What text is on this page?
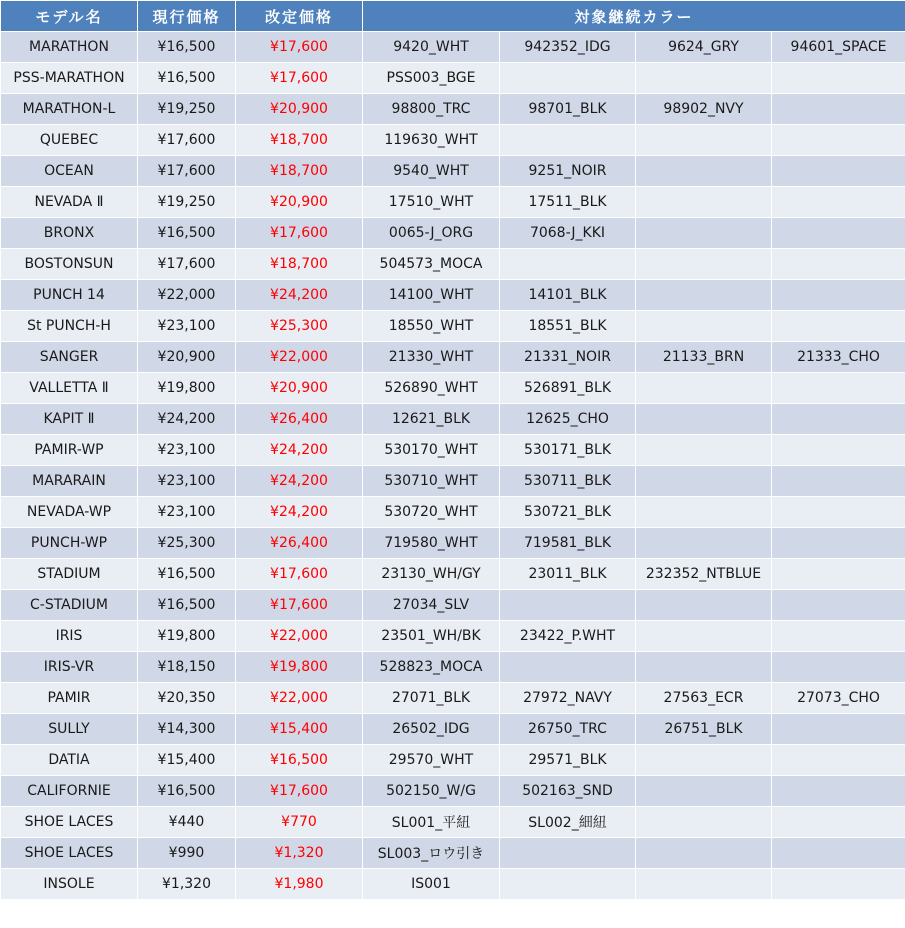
モデル名	現行価格	改定価格	対象継続カラー			
MARATHON	¥16,500	¥17,600	9420_WHT	942352_IDG	9624_GRY	94601_SPACE
PSS-MARATHON	¥16,500	¥17,600	PSS003_BGE			
MARATHON-L	¥19,250	¥20,900	98800_TRC	98701_BLK	98902_NVY	
QUEBEC	¥17,600	¥18,700	119630_WHT			
OCEAN	¥17,600	¥18,700	9540_WHT	9251_NOIR		
NEVADA Ⅱ	¥19,250	¥20,900	17510_WHT	17511_BLK		
BRONX	¥16,500	¥17,600	0065-J_ORG	7068-J_KKI		
BOSTONSUN	¥17,600	¥18,700	504573_MOCA			
PUNCH 14	¥22,000	¥24,200	14100_WHT	14101_BLK		
St PUNCH-H	¥23,100	¥25,300	18550_WHT	18551_BLK		
SANGER	¥20,900	¥22,000	21330_WHT	21331_NOIR	21133_BRN	21333_CHO
VALLETTA Ⅱ	¥19,800	¥20,900	526890_WHT	526891_BLK		
KAPIT Ⅱ	¥24,200	¥26,400	12621_BLK	12625_CHO		
PAMIR-WP	¥23,100	¥24,200	530170_WHT	530171_BLK		
MARARAIN	¥23,100	¥24,200	530710_WHT	530711_BLK		
NEVADA-WP	¥23,100	¥24,200	530720_WHT	530721_BLK		
PUNCH-WP	¥25,300	¥26,400	719580_WHT	719581_BLK		
STADIUM	¥16,500	¥17,600	23130_WH/GY	23011_BLK	232352_NTBLUE	
C-STADIUM	¥16,500	¥17,600	27034_SLV			
IRIS	¥19,800	¥22,000	23501_WH/BK	23422_P.WHT		
IRIS-VR	¥18,150	¥19,800	528823_MOCA			
PAMIR	¥20,350	¥22,000	27071_BLK	27972_NAVY	27563_ECR	27073_CHO
SULLY	¥14,300	¥15,400	26502_IDG	26750_TRC	26751_BLK	
DATIA	¥15,400	¥16,500	29570_WHT	29571_BLK		
CALIFORNIE	¥16,500	¥17,600	502150_W/G	502163_SND		
SHOE LACES	¥440	¥770	SL001_平紐	SL002_細紐		
SHOE LACES	¥990	¥1,320	SL003_ロウ引き			
INSOLE	¥1,320	¥1,980	IS001			
